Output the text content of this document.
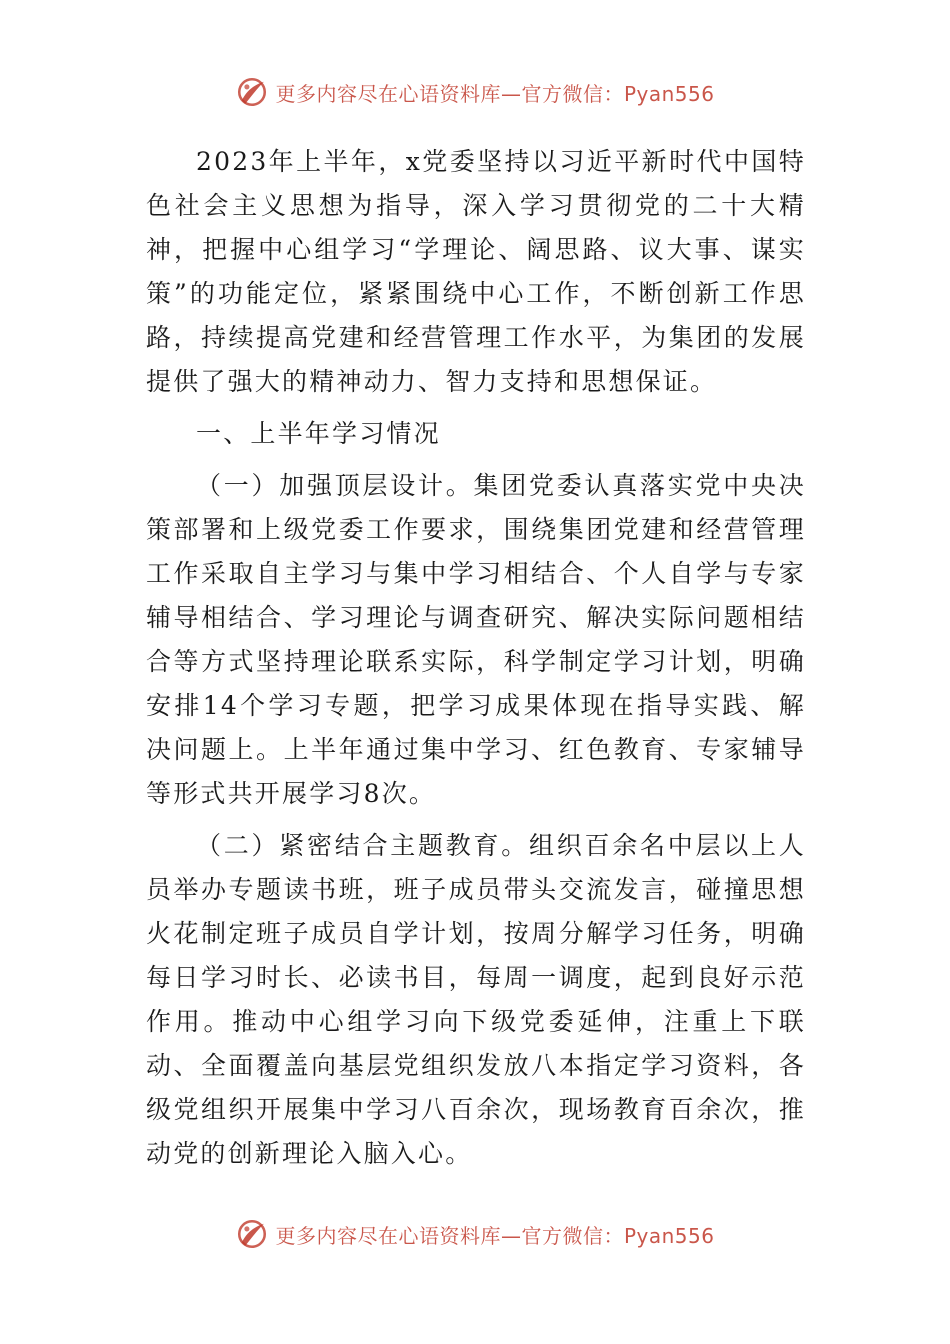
更多内容尽在心语资料库—官方微信：Pyan556

2023年上半年，x党委坚持以习近平新时代中国特色社会主义思想为指导，深入学习贯彻党的二十大精神，把握中心组学习“学理论、阔思路、议大事、谋实策”的功能定位，紧紧围绕中心工作，不断创新工作思路，持续提高党建和经营管理工作水平，为集团的发展提供了强大的精神动力、智力支持和思想保证。

一、上半年学习情况

（一）加强顶层设计。集团党委认真落实党中央决策部署和上级党委工作要求，围绕集团党建和经营管理工作采取自主学习与集中学习相结合、个人自学与专家辅导相结合、学习理论与调查研究、解决实际问题相结合等方式坚持理论联系实际，科学制定学习计划，明确安排14个学习专题，把学习成果体现在指导实践、解决问题上。上半年通过集中学习、红色教育、专家辅导等形式共开展学习8次。

（二）紧密结合主题教育。组织百余名中层以上人员举办专题读书班，班子成员带头交流发言，碰撞思想火花制定班子成员自学计划，按周分解学习任务，明确每日学习时长、必读书目，每周一调度，起到良好示范作用。推动中心组学习向下级党委延伸，注重上下联动、全面覆盖向基层党组织发放八本指定学习资料，各级党组织开展集中学习八百余次，现场教育百余次，推动党的创新理论入脑入心。

更多内容尽在心语资料库—官方微信：Pyan556
